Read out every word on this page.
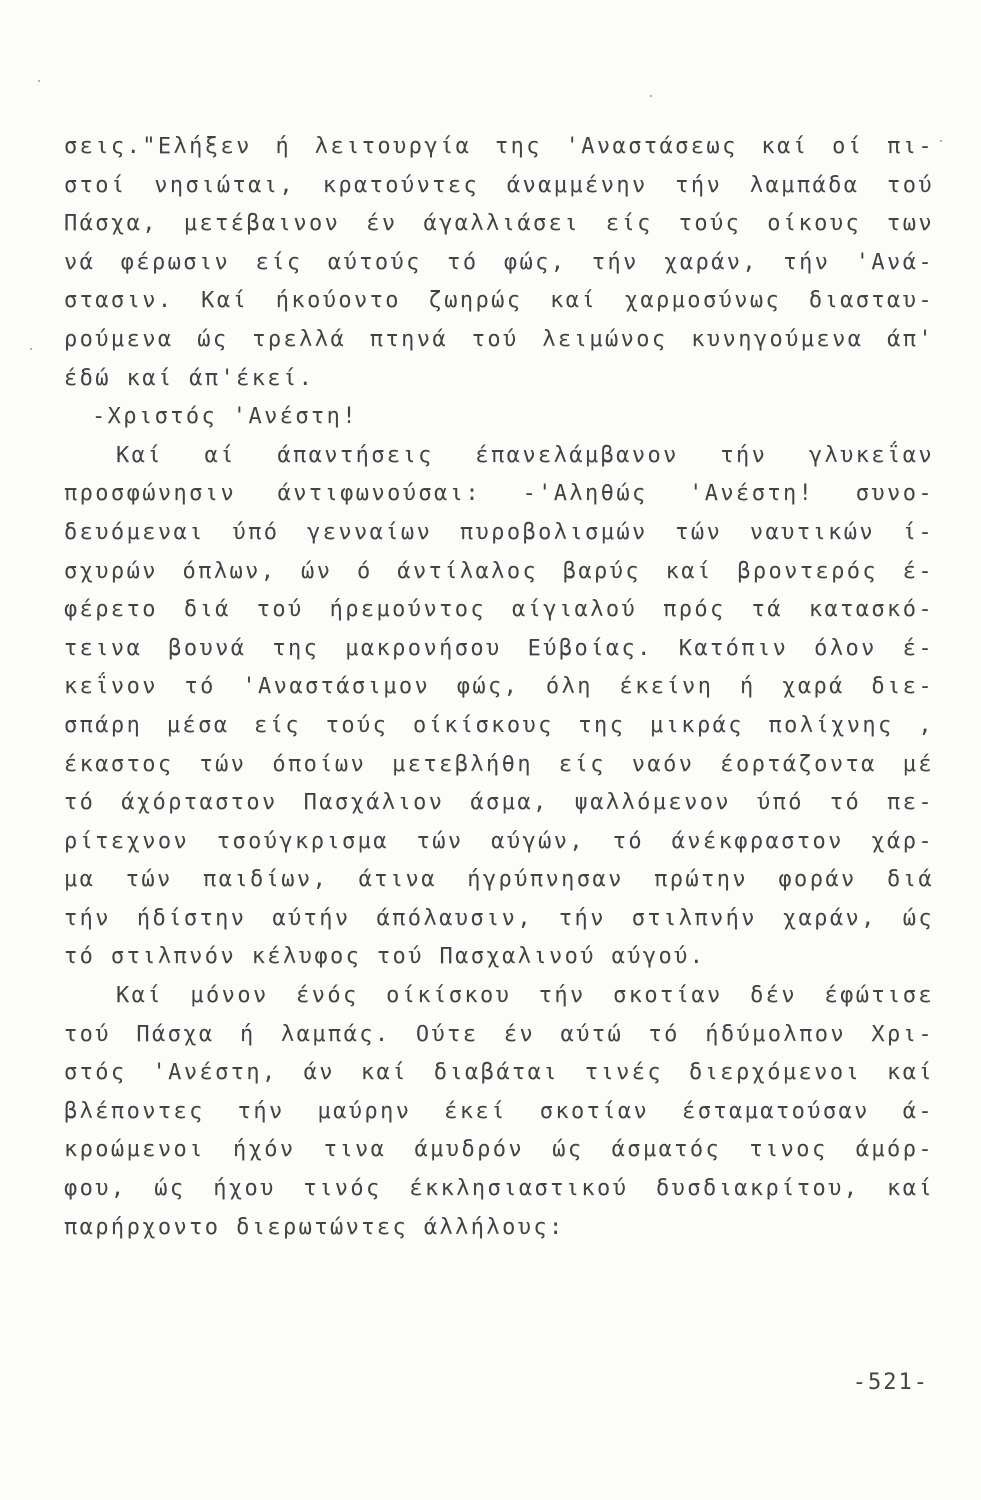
σεις."Ελήξεν ή λειτουργία της 'Αναστάσεως καί οί πι-
στοί νησιώται, κρατούντες άναμμένην τήν λαμπάδα τού
Πάσχα, μετέβαινον έν άγαλλιάσει είς τούς οίκους των
νά φέρωσιν είς αύτούς τό φώς, τήν χαράν, τήν 'Ανά-
στασιν. Καί ήκούοντο ζωηρώς καί χαρμοσύνως διασταυ-
ρούμενα ώς τρελλά πτηνά τού λειμώνος κυνηγούμενα άπ'
έδώ καί άπ'έκεί.
-Χριστός 'Ανέστη!
Καί αί άπαντήσεις έπανελάμβανον τήν γλυκεΐαν
προσφώνησιν άντιφωνούσαι: -'Αληθώς 'Ανέστη! συνο-
δευόμεναι ύπό γενναίων πυροβολισμών τών ναυτικών ί-
σχυρών όπλων, ών ό άντίλαλος βαρύς καί βροντερός έ-
φέρετο διά τού ήρεμούντος αίγιαλού πρός τά κατασκό-
τεινα βουνά της μακρονήσου Εύβοίας. Κατόπιν όλον έ-
κεΐνον τό 'Αναστάσιμον φώς, όλη έκείνη ή χαρά διε-
σπάρη μέσα είς τούς οίκίσκους της μικράς πολίχνης ,
έκαστος τών όποίων μετεβλήθη είς ναόν έορτάζοντα μέ
τό άχόρταστον Πασχάλιον άσμα, ψαλλόμενον ύπό τό πε-
ρίτεχνον τσούγκρισμα τών αύγών, τό άνέκφραστον χάρ-
μα τών παιδίων, άτινα ήγρύπνησαν πρώτην φοράν διά
τήν ήδίστην αύτήν άπόλαυσιν, τήν στιλπνήν χαράν, ώς
τό στιλπνόν κέλυφος τού Πασχαλινού αύγού.
Καί μόνον ένός οίκίσκου τήν σκοτίαν δέν έφώτισε
τού Πάσχα ή λαμπάς. Ούτε έν αύτώ τό ήδύμολπον Χρι-
στός 'Ανέστη, άν καί διαβάται τινές διερχόμενοι καί
βλέποντες τήν μαύρην έκεί σκοτίαν έσταματούσαν ά-
κροώμενοι ήχόν τινα άμυδρόν ώς άσματός τινος άμόρ-
φου, ώς ήχου τινός έκκλησιαστικού δυσδιακρίτου, καί
παρήρχοντο διερωτώντες άλλήλους:
-521-
